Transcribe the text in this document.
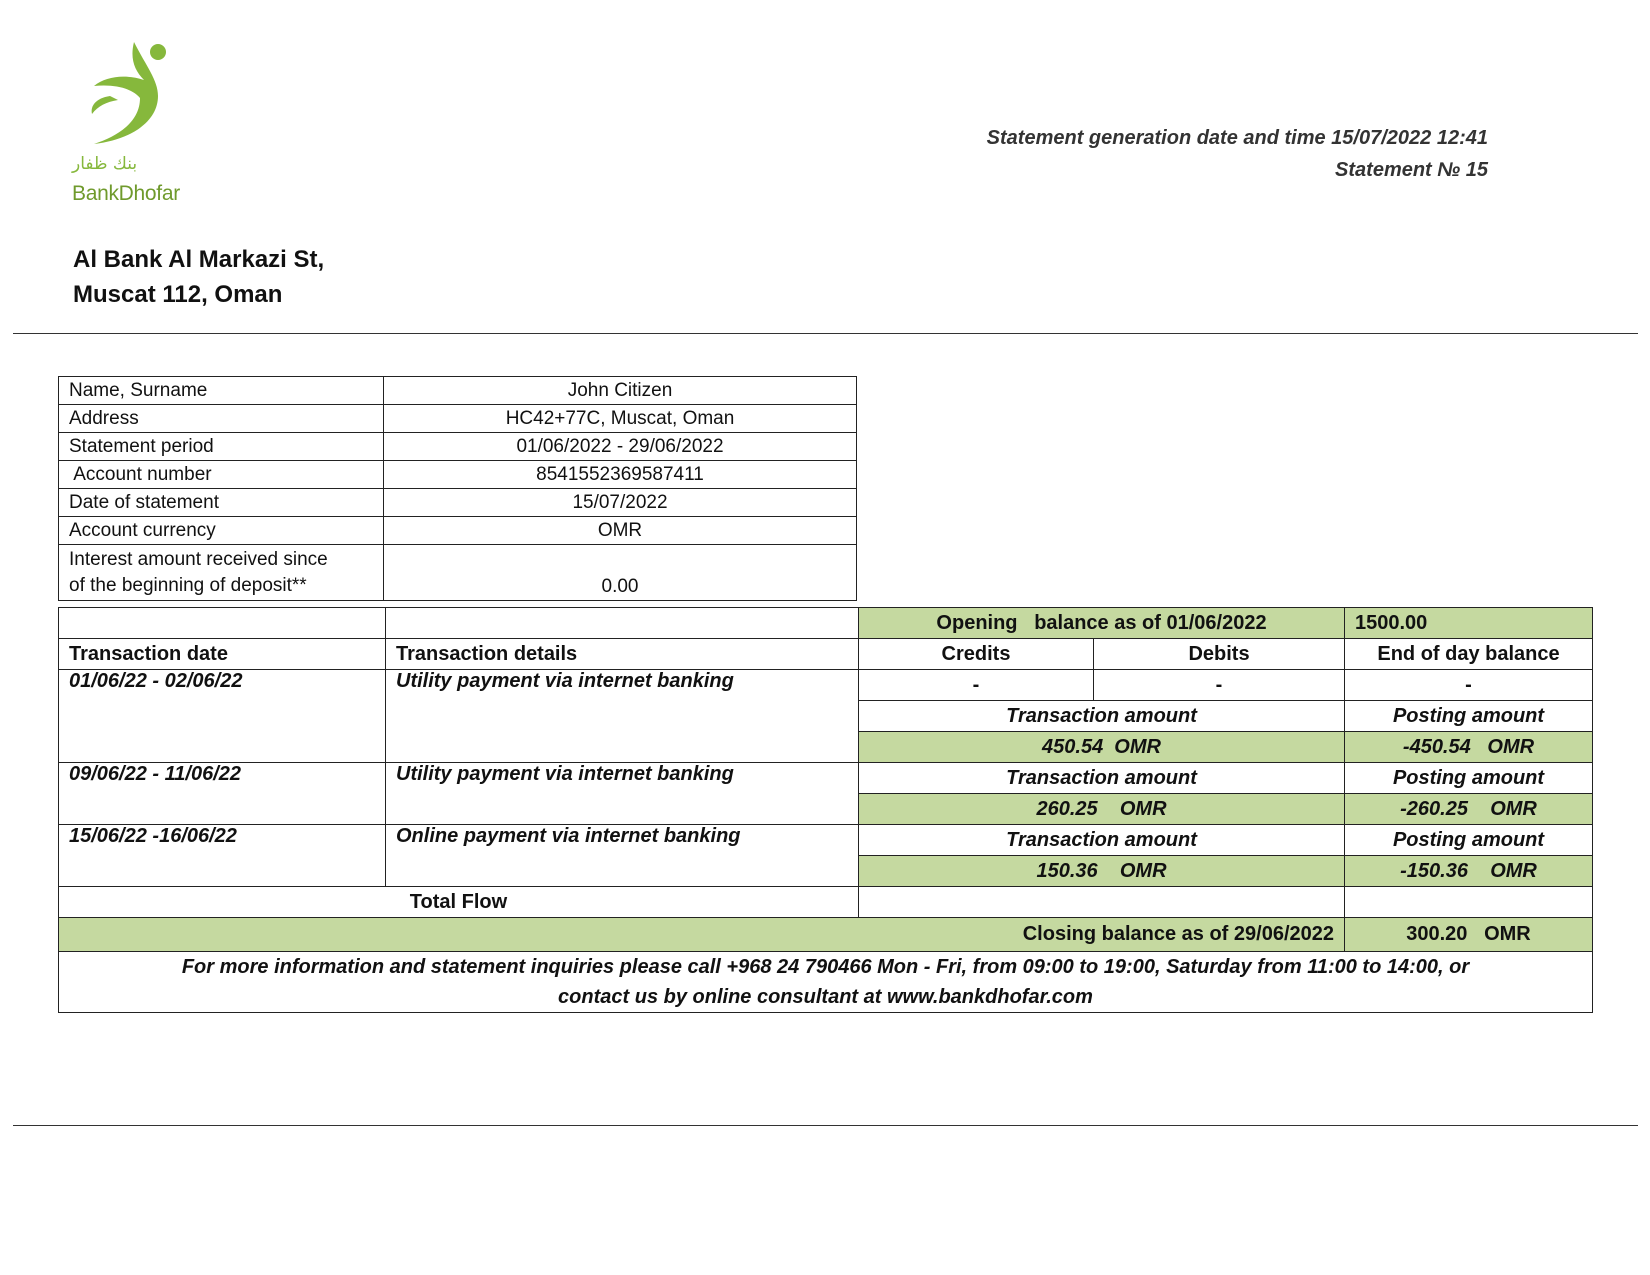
بنك ظفار
BankDhofar
Statement generation date and time 15/07/2022 12:41
Statement № 15
Al Bank Al Markazi St,
Muscat 112, Oman
Name, Surname	John Citizen
Address	HC42+77C, Muscat, Oman
Statement period	01/06/2022 - 29/06/2022
Account number	8541552369587411
Date of statement	15/07/2022
Account currency	OMR

Interest amount received since
of the beginning of deposit**	0.00
		Opening   balance as of 01/06/2022		1500.00
Transaction date	Transaction details	Credits	Debits	End of day balance
01/06/22 - 02/06/22	Utility payment via internet banking	-	-	-
		Transaction amount		Posting amount
		450.54  OMR		-450.54   OMR
09/06/22 - 11/06/22	Utility payment via internet banking	Transaction amount		Posting amount
		260.25    OMR		-260.25    OMR
15/06/22 -16/06/22	Online payment via internet banking	Transaction amount		Posting amount
		150.36    OMR		-150.36    OMR
Total Flow				
Closing balance as of 29/06/2022				300.20   OMR

For more information and statement inquiries please call +968 24 790466 Mon - Fri, from 09:00 to 19:00, Saturday from 11:00 to 14:00, or
contact us by online consultant at www.bankdhofar.com				
